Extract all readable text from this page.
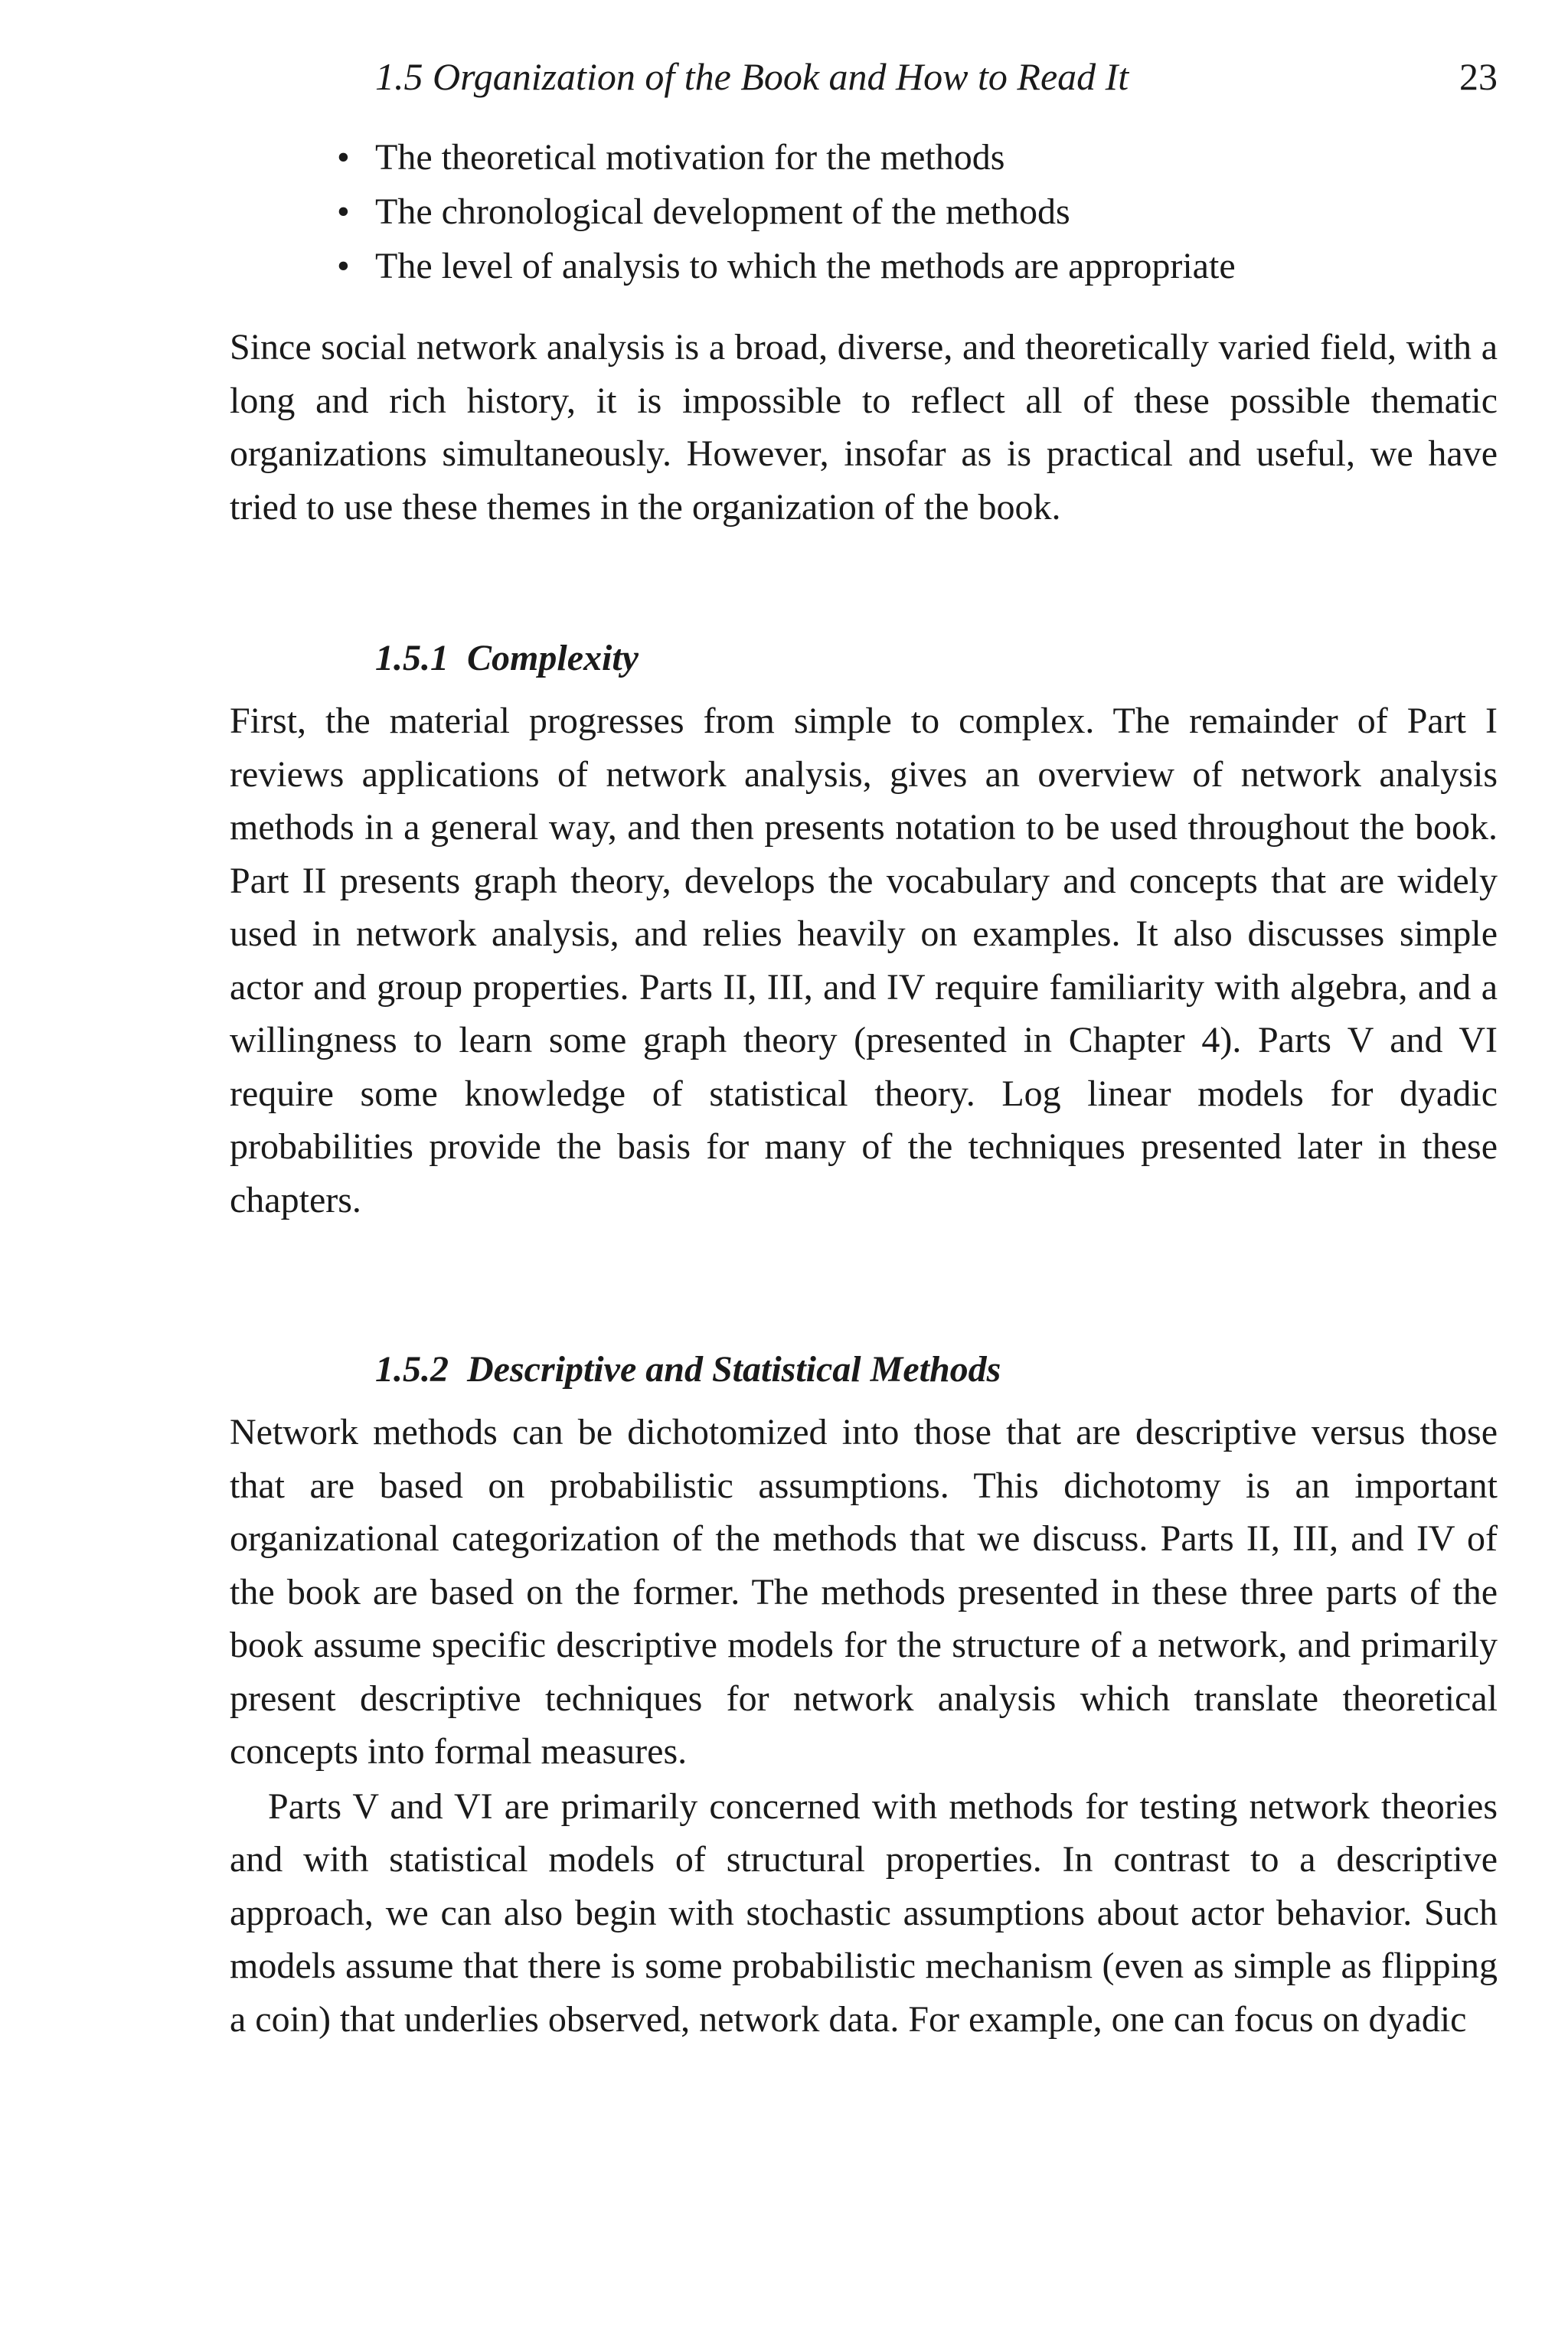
1.5 Organization of the Book and How to Read It	23
• The theoretical motivation for the methods
• The chronological development of the methods
• The level of analysis to which the methods are appropriate

Since social network analysis is a broad, diverse, and theoretically varied field, with a long and rich history, it is impossible to reflect all of these possible thematic organizations simultaneously. However, insofar as is practical and useful, we have tried to use these themes in the organization of the book.

1.5.1 Complexity

First, the material progresses from simple to complex. The remainder of Part I reviews applications of network analysis, gives an overview of network analysis methods in a general way, and then presents notation to be used throughout the book. Part II presents graph theory, develops the vocabulary and concepts that are widely used in network analysis, and relies heavily on examples. It also discusses simple actor and group properties. Parts II, III, and IV require familiarity with algebra, and a willingness to learn some graph theory (presented in Chapter 4). Parts V and VI require some knowledge of statistical theory. Log linear models for dyadic probabilities provide the basis for many of the techniques presented later in these chapters.

1.5.2 Descriptive and Statistical Methods

Network methods can be dichotomized into those that are descriptive versus those that are based on probabilistic assumptions. This dichotomy is an important organizational categorization of the methods that we discuss. Parts II, III, and IV of the book are based on the former. The methods presented in these three parts of the book assume specific descriptive models for the structure of a network, and primarily present descriptive techniques for network analysis which translate theoretical concepts into formal measures.

Parts V and VI are primarily concerned with methods for testing network theories and with statistical models of structural properties. In contrast to a descriptive approach, we can also begin with stochastic assumptions about actor behavior. Such models assume that there is some probabilistic mechanism (even as simple as flipping a coin) that underlies observed, network data. For example, one can focus on dyadic
